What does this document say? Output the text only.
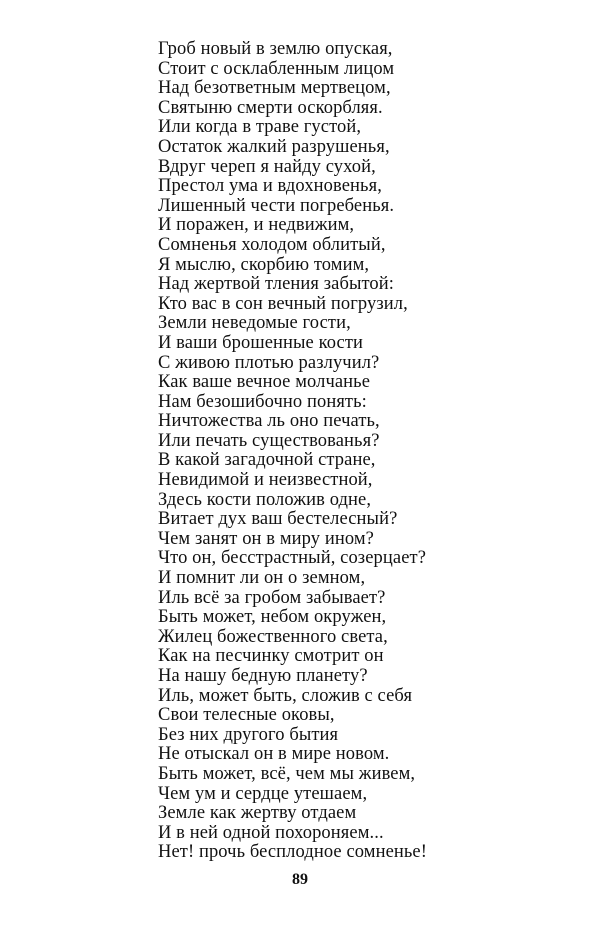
Гроб новый в землю опуская,
Стоит с осклабленным лицом
Над безответным мертвецом,
Святыню смерти оскорбляя.
Или когда в траве густой,
Остаток жалкий разрушенья,
Вдруг череп я найду сухой,
Престол ума и вдохновенья,
Лишенный чести погребенья.
И поражен, и недвижим,
Сомненья холодом облитый,
Я мыслю, скорбию томим,
Над жертвой тления забытой:
Кто вас в сон вечный погрузил,
Земли неведомые гости,
И ваши брошенные кости
С живою плотью разлучил?
Как ваше вечное молчанье
Нам безошибочно понять:
Ничтожества ль оно печать,
Или печать существованья?
В какой загадочной стране,
Невидимой и неизвестной,
Здесь кости положив одне,
Витает дух ваш бестелесный?
Чем занят он в миру ином?
Что он, бесстрастный, созерцает?
И помнит ли он о земном,
Иль всё за гробом забывает?
Быть может, небом окружен,
Жилец божественного света,
Как на песчинку смотрит он
На нашу бедную планету?
Иль, может быть, сложив с себя
Свои телесные оковы,
Без них другого бытия
Не отыскал он в мире новом.
Быть может, всё, чем мы живем,
Чем ум и сердце утешаем,
Земле как жертву отдаем
И в ней одной похороняем...
Нет! прочь бесплодное сомненье!
89
